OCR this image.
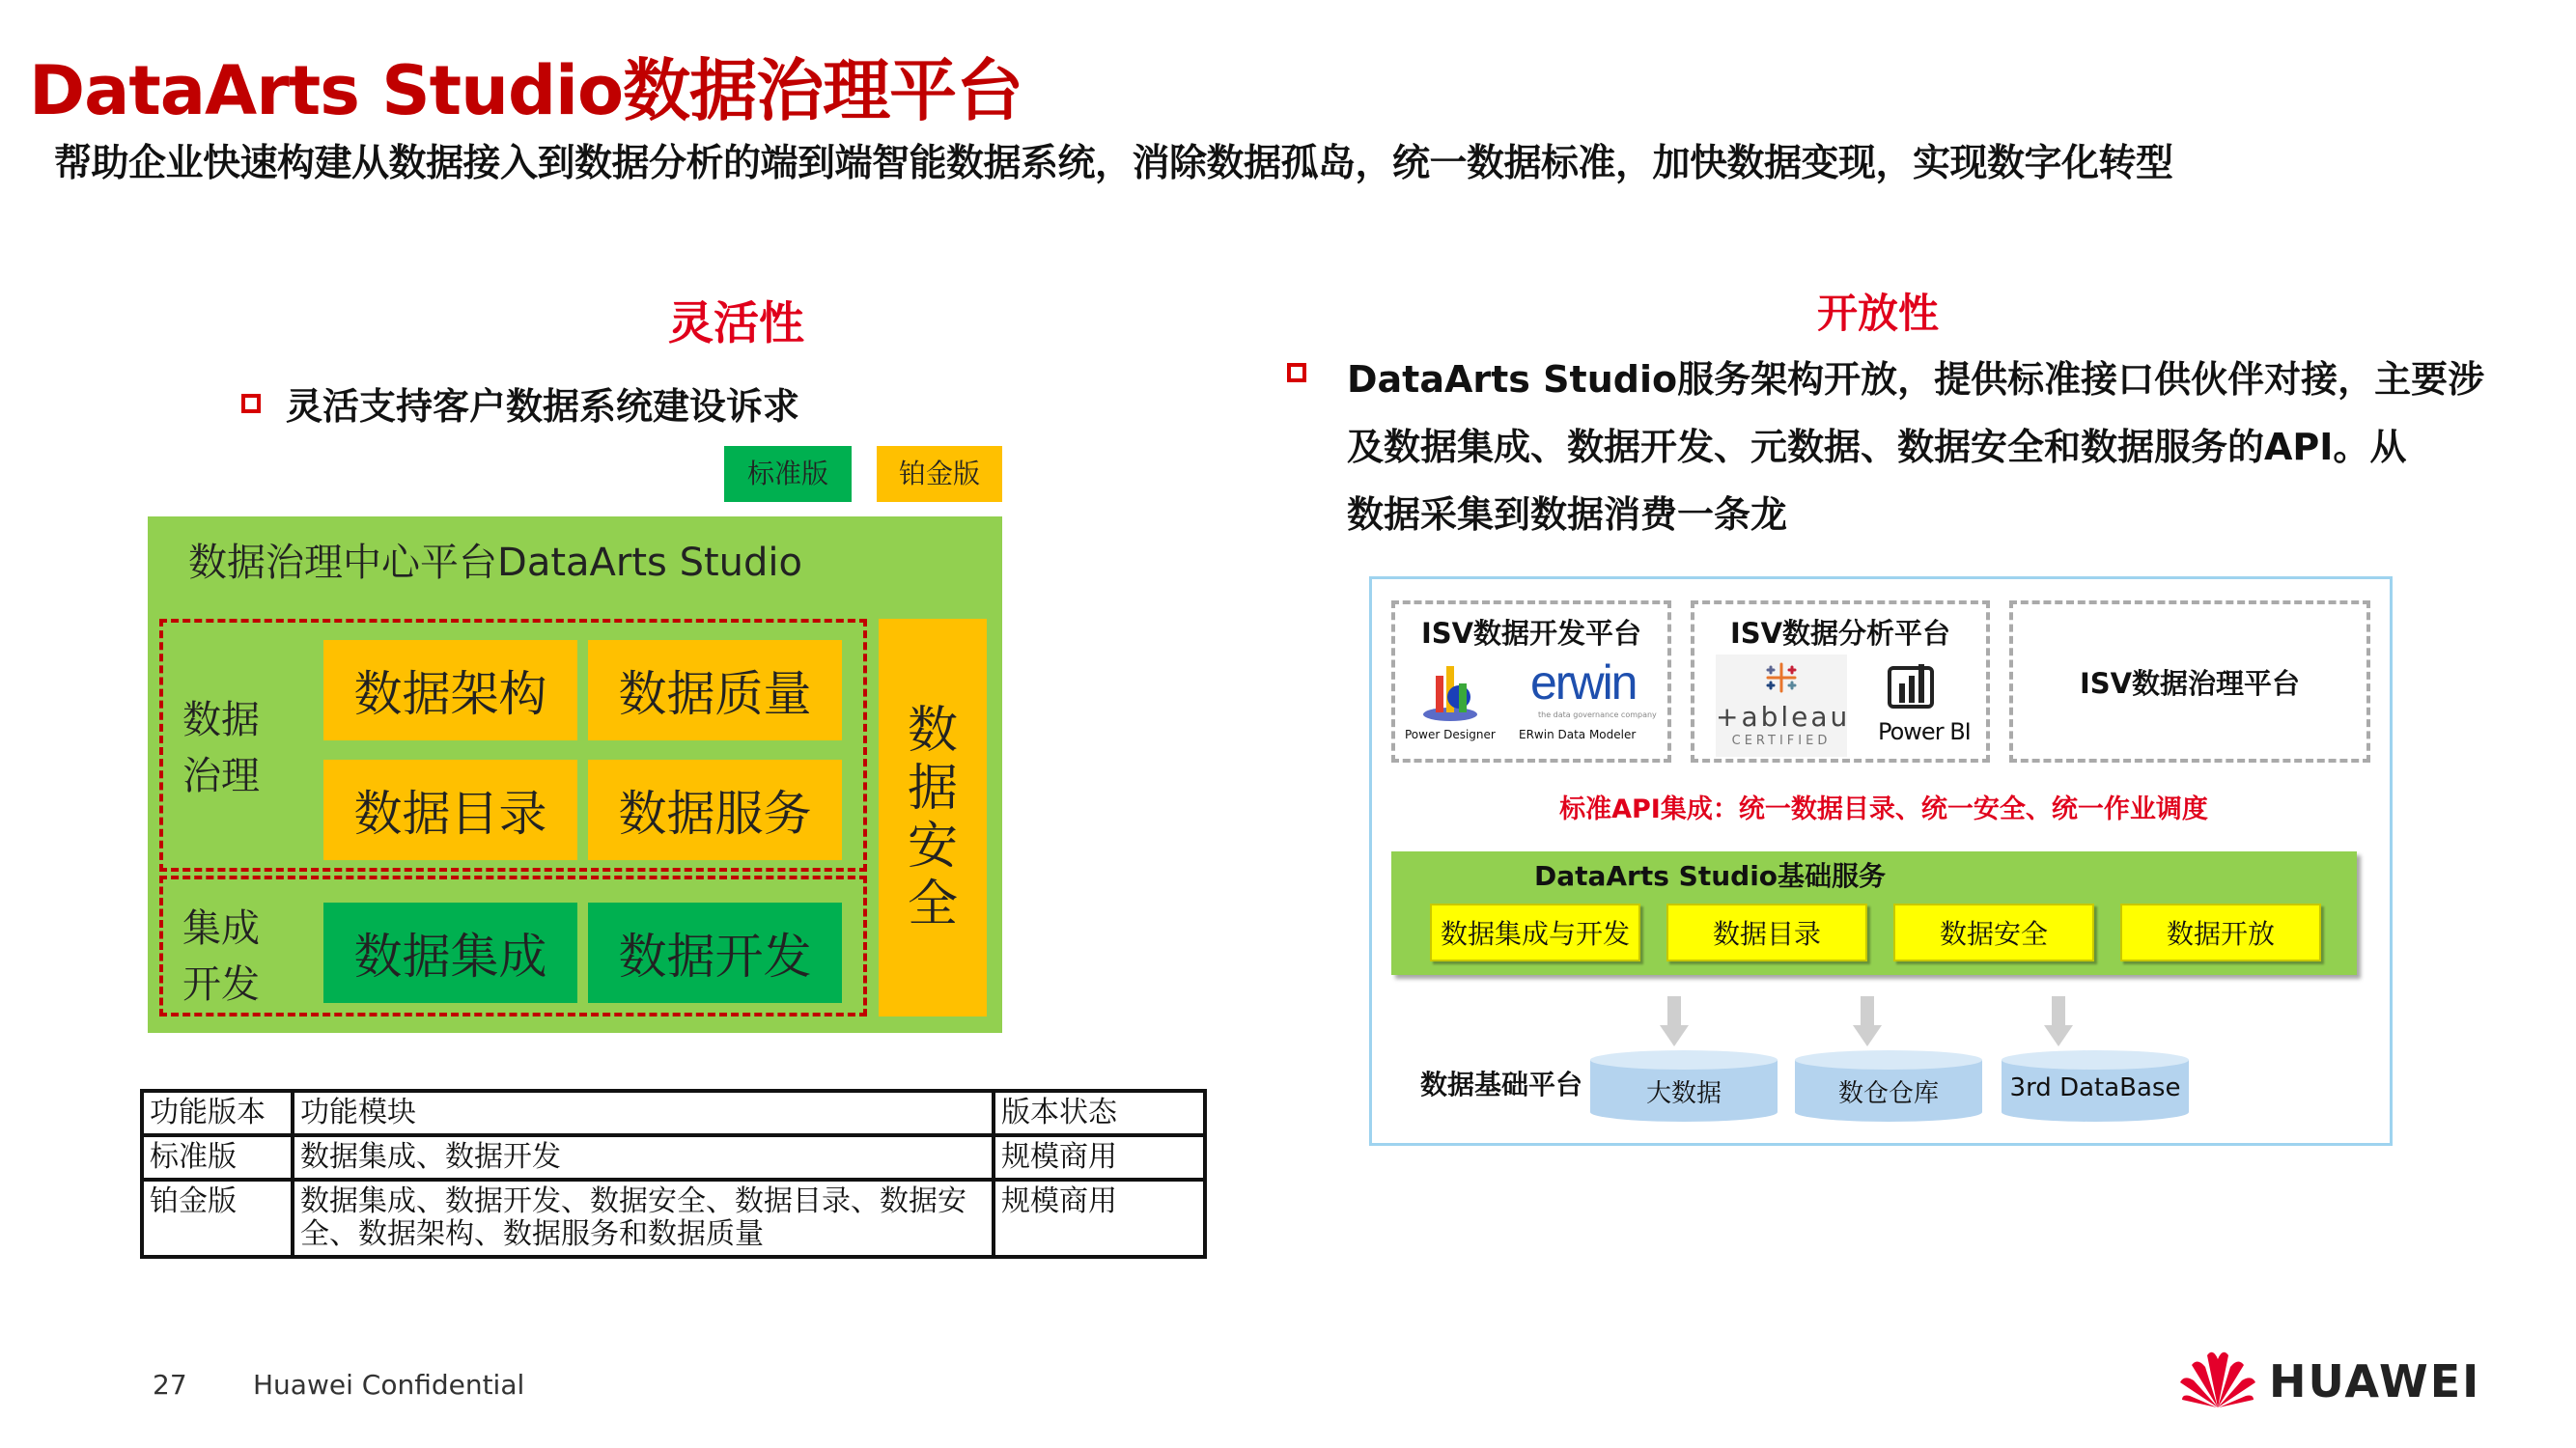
DataArts Studio数据治理平台
帮助企业快速构建从数据接入到数据分析的端到端智能数据系统，消除数据孤岛，统一数据标准，加快数据变现，实现数字化转型
灵活性
灵活支持客户数据系统建设诉求
标准版	铂金版
数据治理中心平台DataArts Studio
数据
治理
数据架构	数据质量
数据目录	数据服务
集成
开发	数据集成	数据开发
数
据
安
全
功能版本	功能模块	版本状态
标准版	数据集成、数据开发	规模商用
铂金版	数据集成、数据开发、数据安全、数据目录、数据安全、数据架构、数据服务和数据质量	规模商用
开放性
DataArts Studio服务架构开放，提供标准接口供伙伴对接，主要涉
及数据集成、数据开发、元数据、数据安全和数据服务的API。从
数据采集到数据消费一条龙
ISV数据开发平台
Power Designer
erwin
the data governance company
ERwin Data Modeler
ISV数据分析平台
+ableau
CERTIFIED	Power BI
ISV数据治理平台
标准API集成：统一数据目录、统一安全、统一作业调度
DataArts Studio基础服务
数据集成与开发	数据目录	数据安全	数据开放
数据基础平台	大数据	数仓仓库	3rd DataBase
27 Huawei Confidential	HUAWEI
